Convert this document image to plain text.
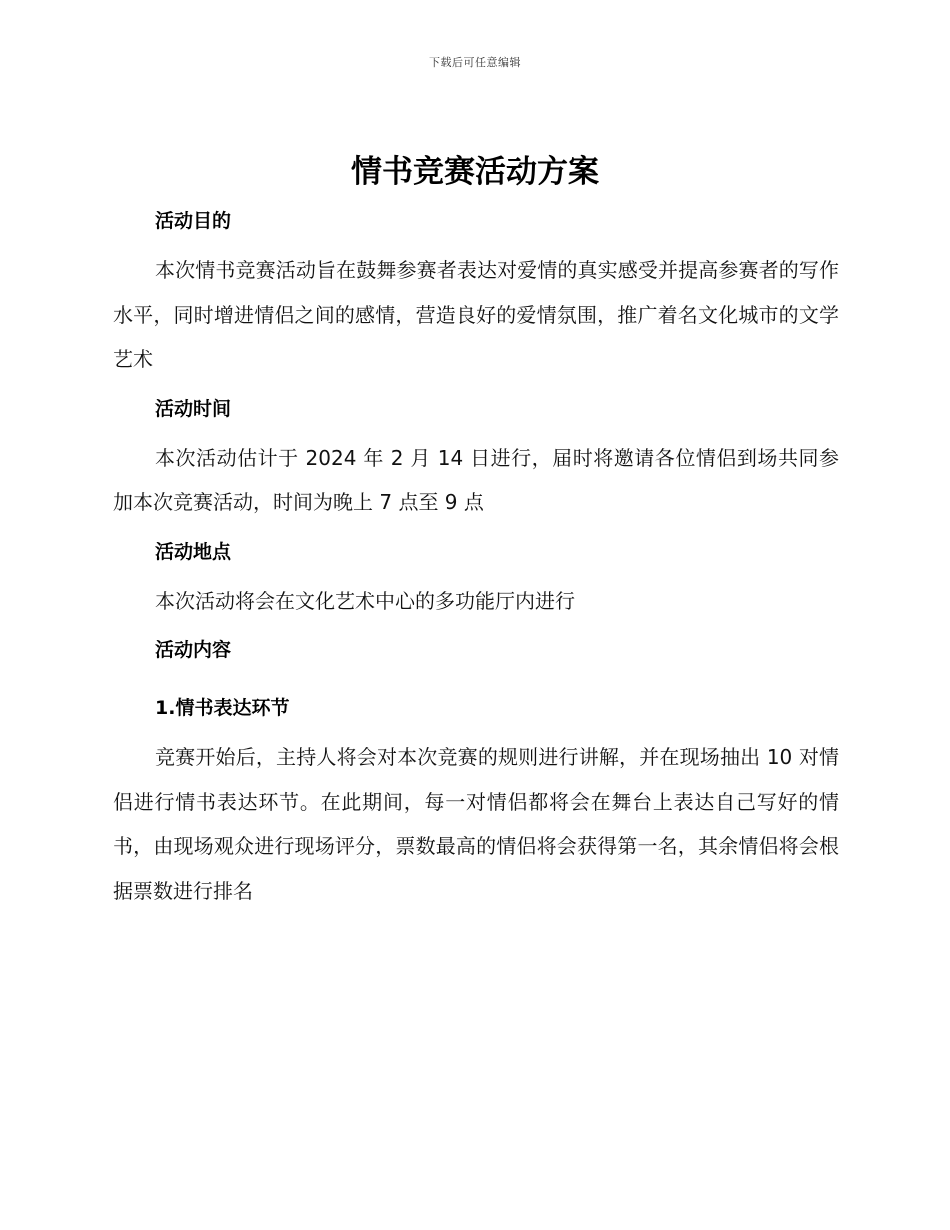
下载后可任意编辑
情书竞赛活动方案
活动目的

本次情书竞赛活动旨在鼓舞参赛者表达对爱情的真实感受并提高参赛者的写作水平，同时增进情侣之间的感情，营造良好的爱情氛围，推广着名文化城市的文学艺术

活动时间

本次活动估计于 2024 年 2 月 14 日进行，届时将邀请各位情侣到场共同参加本次竞赛活动，时间为晚上 7 点至 9 点

活动地点

本次活动将会在文化艺术中心的多功能厅内进行

活动内容
1.情书表达环节

竞赛开始后，主持人将会对本次竞赛的规则进行讲解，并在现场抽出 10 对情侣进行情书表达环节。在此期间，每一对情侣都将会在舞台上表达自己写好的情书，由现场观众进行现场评分，票数最高的情侣将会获得第一名，其余情侣将会根据票数进行排名
